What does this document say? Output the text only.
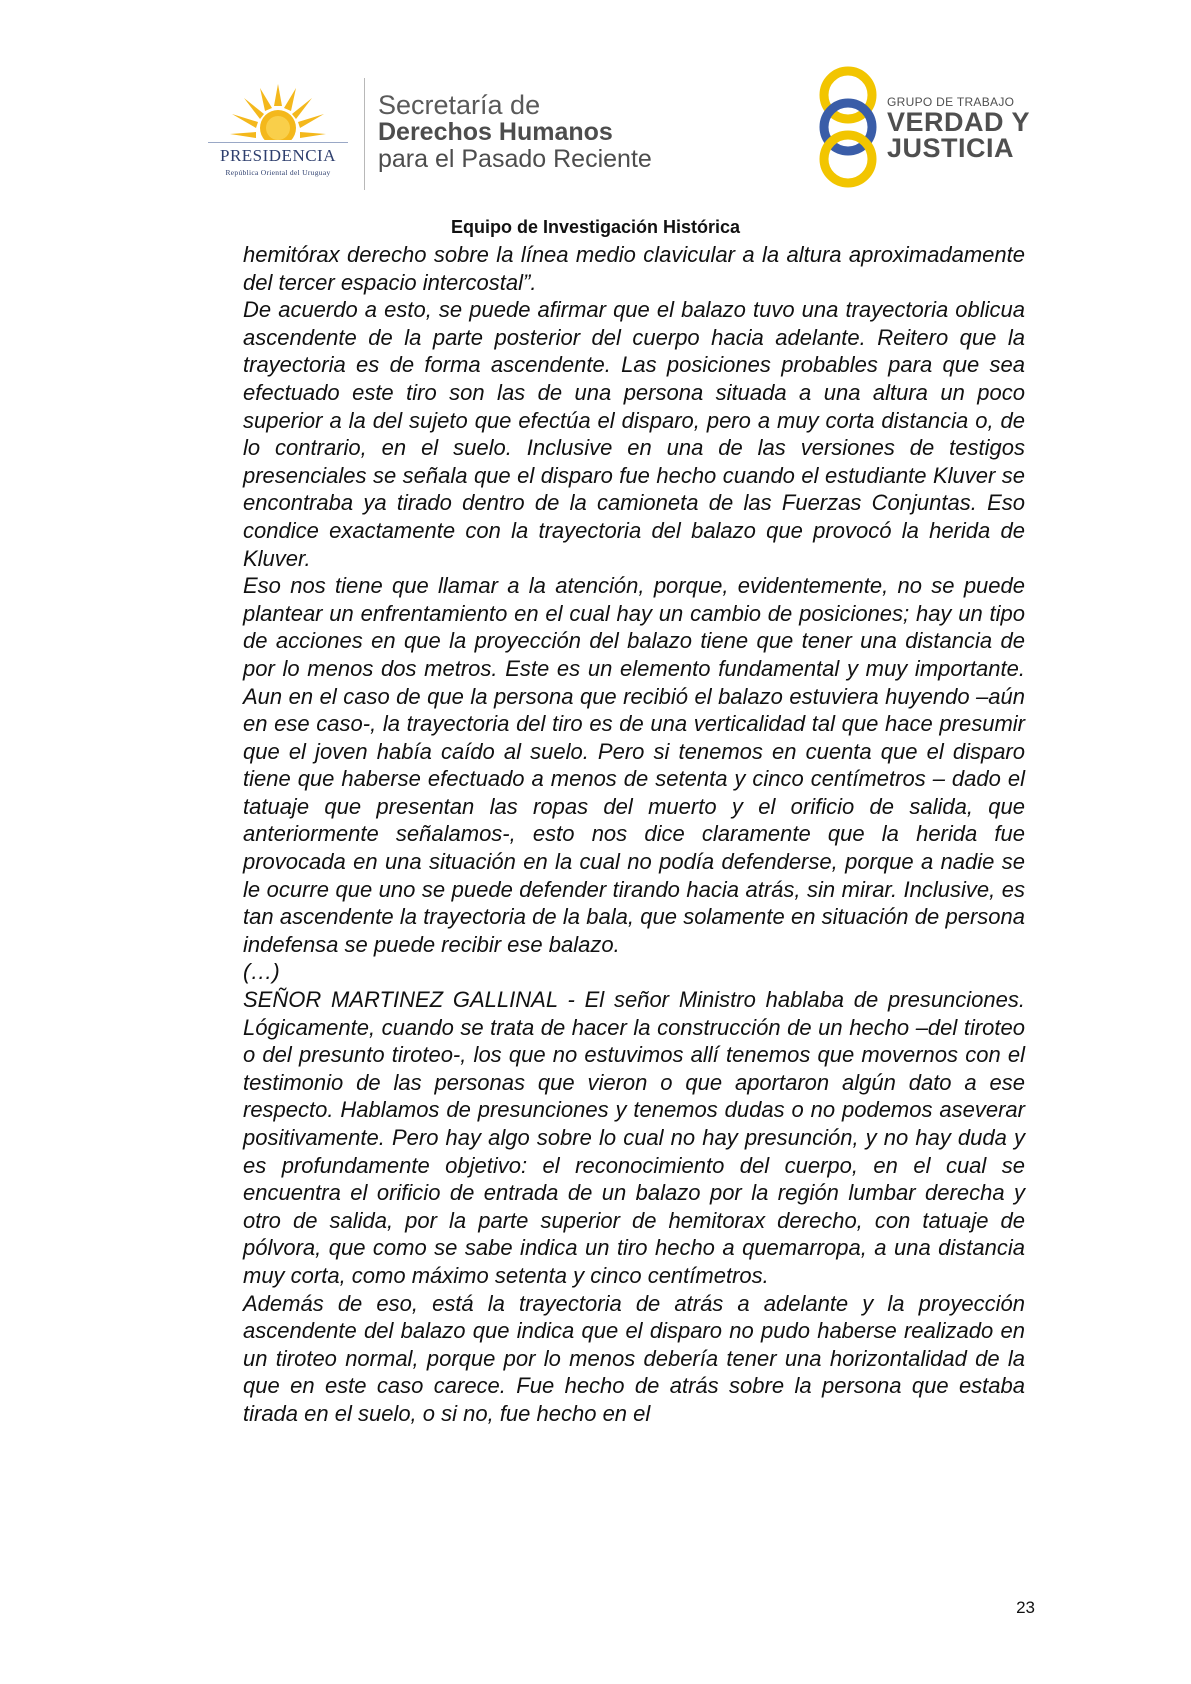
PRESIDENCIA
República Oriental del Uruguay
Secretaría de
Derechos Humanos
para el Pasado Reciente
GRUPO DE TRABAJO
VERDAD Y
JUSTICIA
Equipo de Investigación Histórica

hemitórax derecho sobre la línea medio clavicular a la altura aproximadamente del tercer espacio intercostal”.

De acuerdo a esto, se puede afirmar que el balazo tuvo una trayectoria oblicua ascendente de la parte posterior del cuerpo hacia adelante. Reitero que la trayectoria es de forma ascendente. Las posiciones probables para que sea efectuado este tiro son las de una persona situada a una altura un poco superior a la del sujeto que efectúa el disparo, pero a muy corta distancia o, de lo contrario, en el suelo. Inclusive en una de las versiones de testigos presenciales se señala que el disparo fue hecho cuando el estudiante Kluver se encontraba ya tirado dentro de la camioneta de las Fuerzas Conjuntas. Eso condice exactamente con la trayectoria del balazo que provocó la herida de Kluver.

Eso nos tiene que llamar a la atención, porque, evidentemente, no se puede plantear un enfrentamiento en el cual hay un cambio de posiciones; hay un tipo de acciones en que la proyección del balazo tiene que tener una distancia de por lo menos dos metros. Este es un elemento fundamental y muy importante. Aun en el caso de que la persona que recibió el balazo estuviera huyendo –aún en ese caso-, la trayectoria del tiro es de una verticalidad tal que hace presumir que el joven había caído al suelo. Pero si tenemos en cuenta que el disparo tiene que haberse efectuado a menos de setenta y cinco centímetros – dado el tatuaje que presentan las ropas del muerto y el orificio de salida, que anteriormente señalamos-, esto nos dice claramente que la herida fue provocada en una situación en la cual no podía defenderse, porque a nadie se le ocurre que uno se puede defender tirando hacia atrás, sin mirar. Inclusive, es tan ascendente la trayectoria de la bala, que solamente en situación de persona indefensa se puede recibir ese balazo.

(…)

SEÑOR MARTINEZ GALLINAL - El señor Ministro hablaba de presunciones. Lógicamente, cuando se trata de hacer la construcción de un hecho –del tiroteo o del presunto tiroteo-, los que no estuvimos allí tenemos que movernos con el testimonio de las personas que vieron o que aportaron algún dato a ese respecto. Hablamos de presunciones y tenemos dudas o no podemos aseverar positivamente. Pero hay algo sobre lo cual no hay presunción, y no hay duda y es profundamente objetivo: el reconocimiento del cuerpo, en el cual se encuentra el orificio de entrada de un balazo por la región lumbar derecha y otro de salida, por la parte superior de hemitorax derecho, con tatuaje de pólvora, que como se sabe indica un tiro hecho a quemarropa, a una distancia muy corta, como máximo setenta y cinco centímetros.

Además de eso, está la trayectoria de atrás a adelante y la proyección ascendente del balazo que indica que el disparo no pudo haberse realizado en un tiroteo normal, porque por lo menos debería tener una horizontalidad de la que en este caso carece. Fue hecho de atrás sobre la persona que estaba tirada en el suelo, o si no, fue hecho en el

23
